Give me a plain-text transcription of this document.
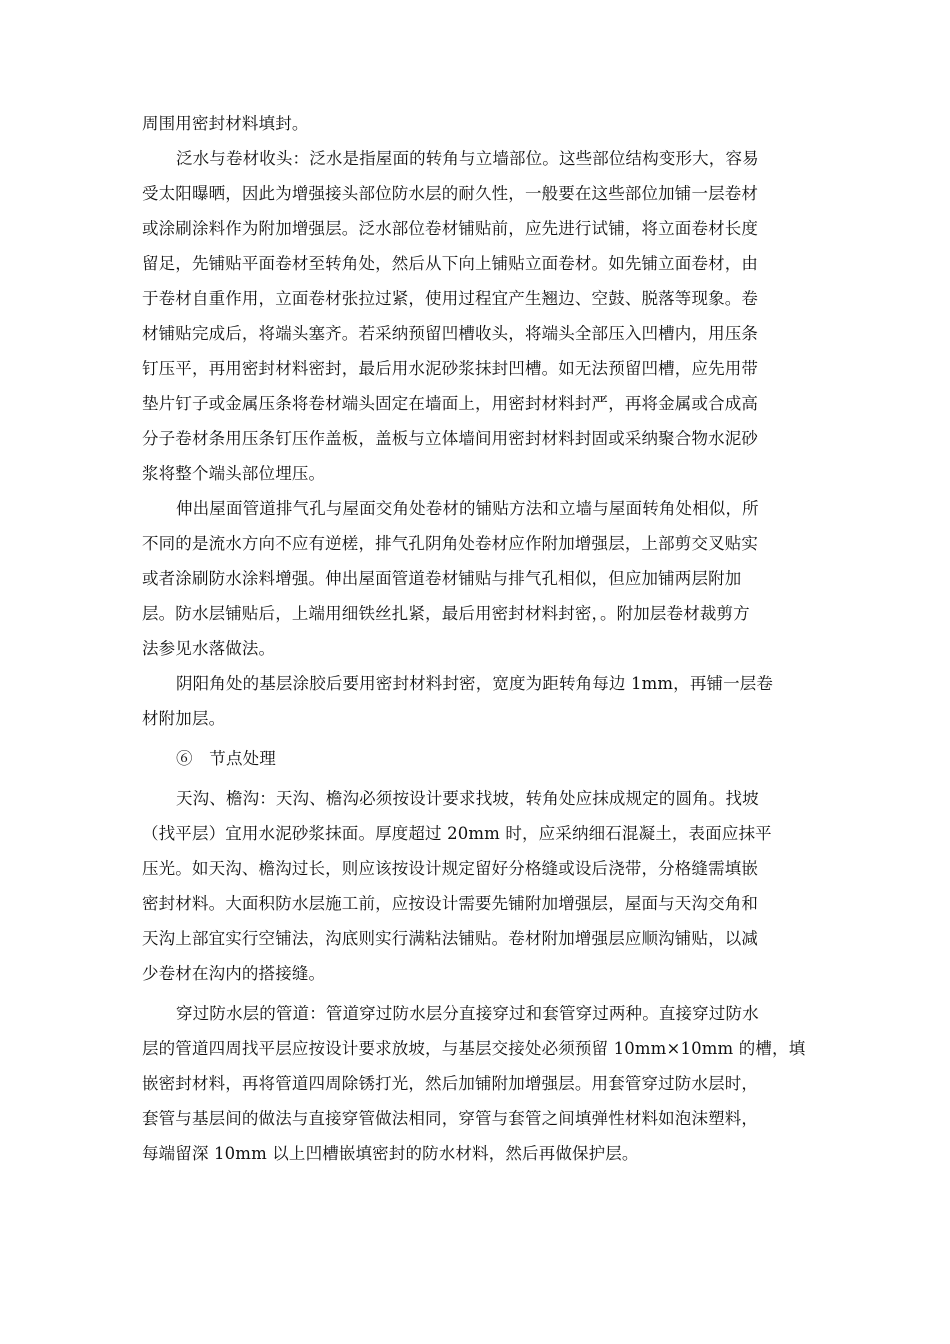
周围用密封材料填封。
泛水与卷材收头：泛水是指屋面的转角与立墙部位。这些部位结构变形大，容易
受太阳曝晒，因此为增强接头部位防水层的耐久性，一般要在这些部位加铺一层卷材
或涂刷涂料作为附加增强层。泛水部位卷材铺贴前，应先进行试铺，将立面卷材长度
留足，先铺贴平面卷材至转角处，然后从下向上铺贴立面卷材。如先铺立面卷材，由
于卷材自重作用，立面卷材张拉过紧，使用过程宜产生翘边、空鼓、脱落等现象。卷
材铺贴完成后，将端头塞齐。若采纳预留凹槽收头，将端头全部压入凹槽内，用压条
钉压平，再用密封材料密封，最后用水泥砂浆抹封凹槽。如无法预留凹槽，应先用带
垫片钉子或金属压条将卷材端头固定在墙面上，用密封材料封严，再将金属或合成高
分子卷材条用压条钉压作盖板，盖板与立体墙间用密封材料封固或采纳聚合物水泥砂
浆将整个端头部位埋压。
伸出屋面管道排气孔与屋面交角处卷材的铺贴方法和立墙与屋面转角处相似，所
不同的是流水方向不应有逆槎，排气孔阴角处卷材应作附加增强层，上部剪交叉贴实
或者涂刷防水涂料增强。伸出屋面管道卷材铺贴与排气孔相似，但应加铺两层附加
层。防水层铺贴后，上端用细铁丝扎紧，最后用密封材料封密，。附加层卷材裁剪方
法参见水落做法。
阴阳角处的基层涂胶后要用密封材料封密，宽度为距转角每边 1mm，再铺一层卷
材附加层。
⑥　节点处理
天沟、檐沟：天沟、檐沟必须按设计要求找坡，转角处应抹成规定的圆角。找坡
（找平层）宜用水泥砂浆抹面。厚度超过 20mm 时，应采纳细石混凝土，表面应抹平
压光。如天沟、檐沟过长，则应该按设计规定留好分格缝或设后浇带，分格缝需填嵌
密封材料。大面积防水层施工前，应按设计需要先铺附加增强层，屋面与天沟交角和
天沟上部宜实行空铺法，沟底则实行满粘法铺贴。卷材附加增强层应顺沟铺贴，以减
少卷材在沟内的搭接缝。
穿过防水层的管道：管道穿过防水层分直接穿过和套管穿过两种。直接穿过防水
层的管道四周找平层应按设计要求放坡，与基层交接处必须预留 10mm×10mm 的槽，填
嵌密封材料，再将管道四周除锈打光，然后加铺附加增强层。用套管穿过防水层时，
套管与基层间的做法与直接穿管做法相同，穿管与套管之间填弹性材料如泡沫塑料，
每端留深 10mm 以上凹槽嵌填密封的防水材料，然后再做保护层。
